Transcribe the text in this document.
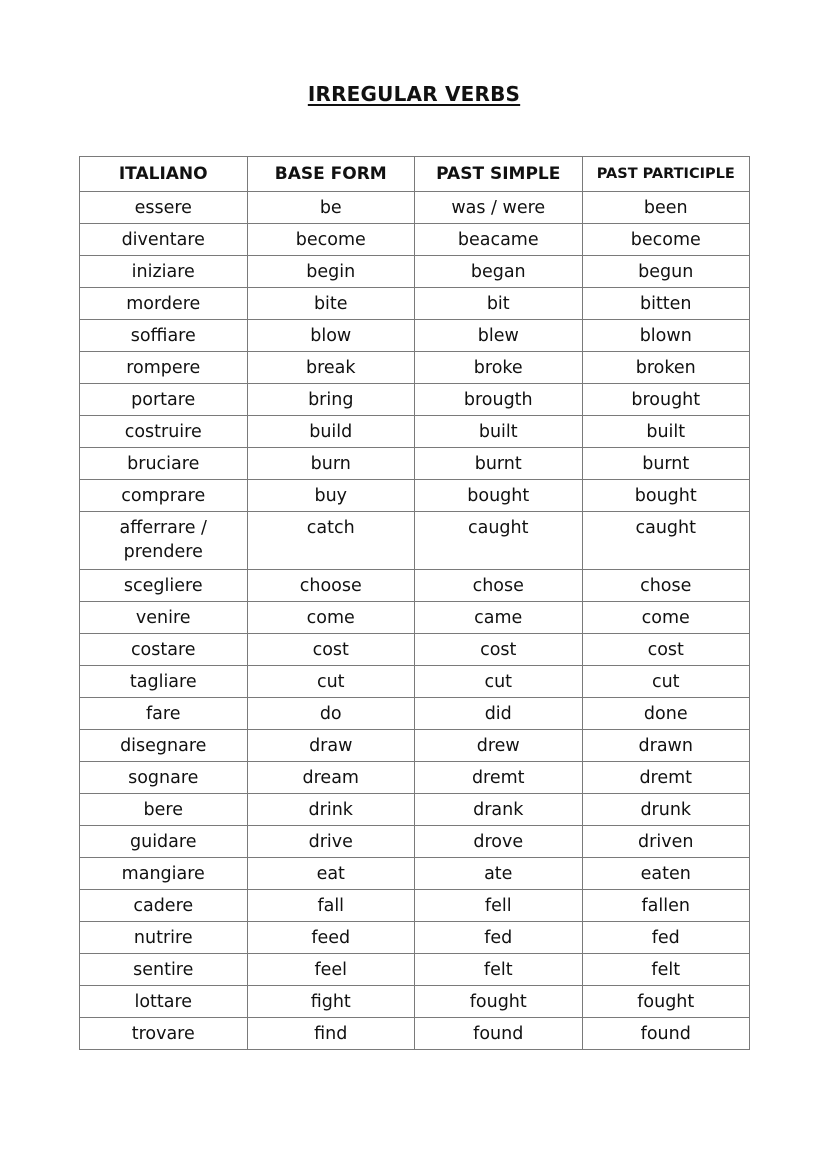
IRREGULAR VERBS
ITALIANO	BASE FORM	PAST SIMPLE	PAST PARTICIPLE
essere	be	was / were	been
diventare	become	beacame	become
iniziare	begin	began	begun
mordere	bite	bit	bitten
soffiare	blow	blew	blown
rompere	break	broke	broken
portare	bring	brougth	brought
costruire	build	built	built
bruciare	burn	burnt	burnt
comprare	buy	bought	bought
afferrare / prendere	catch	caught	caught
scegliere	choose	chose	chose
venire	come	came	come
costare	cost	cost	cost
tagliare	cut	cut	cut
fare	do	did	done
disegnare	draw	drew	drawn
sognare	dream	dremt	dremt
bere	drink	drank	drunk
guidare	drive	drove	driven
mangiare	eat	ate	eaten
cadere	fall	fell	fallen
nutrire	feed	fed	fed
sentire	feel	felt	felt
lottare	fight	fought	fought
trovare	find	found	found
